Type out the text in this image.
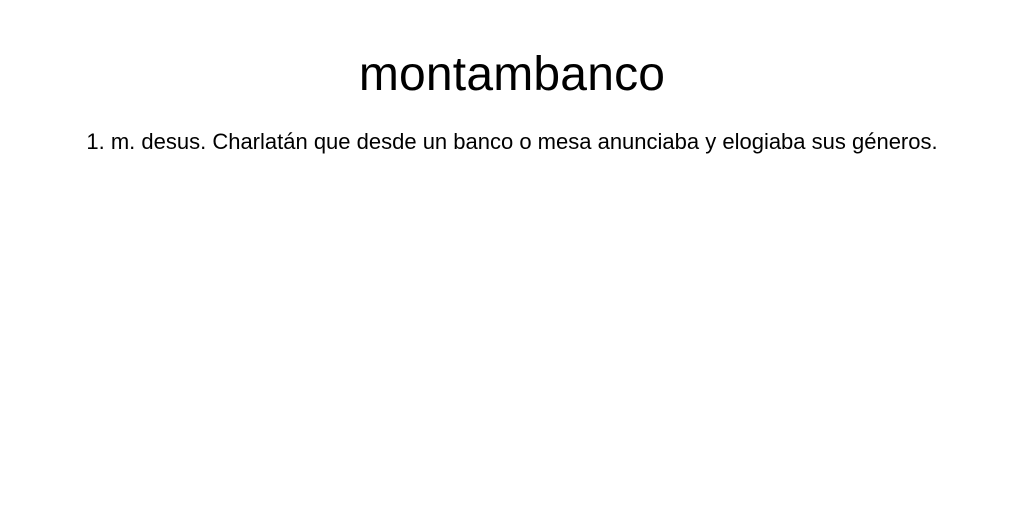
montambanco

1. m. desus. Charlatán que desde un banco o mesa anunciaba y elogiaba sus géneros.
